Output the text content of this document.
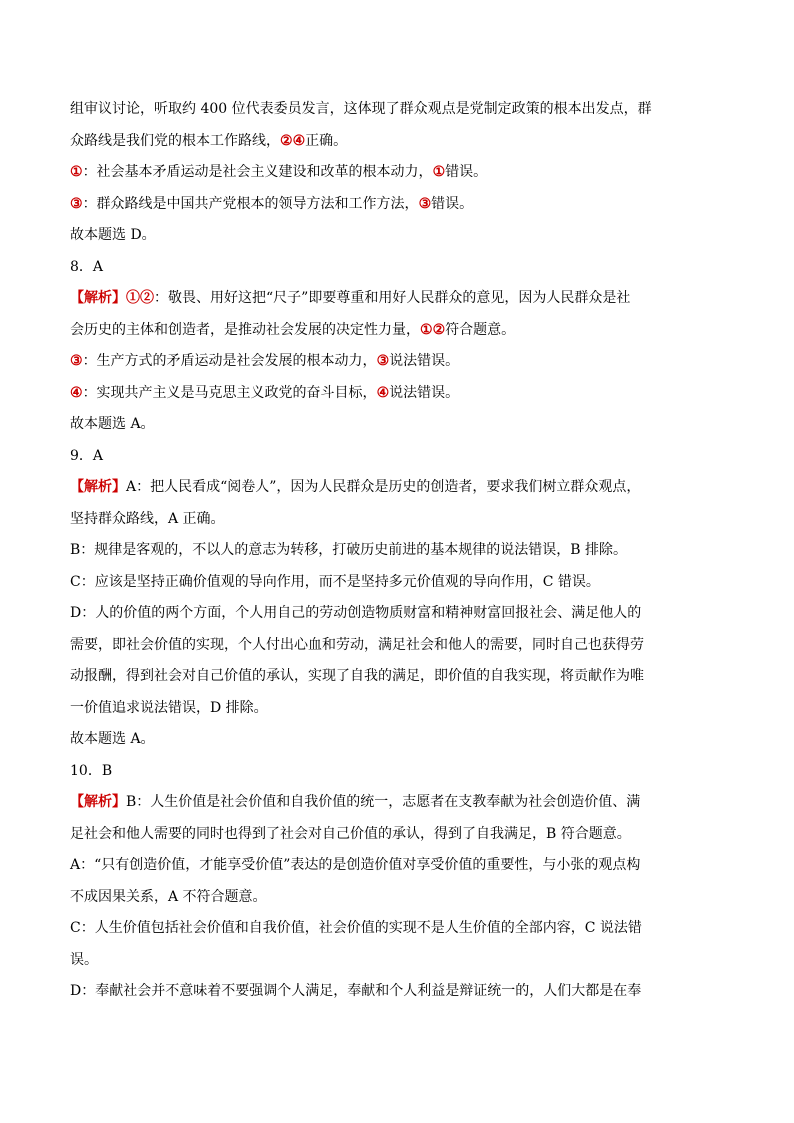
组审议讨论，听取约 400 位代表委员发言，这体现了群众观点是党制定政策的根本出发点，群

众路线是我们党的根本工作路线，②④正确。

①：社会基本矛盾运动是社会主义建设和改革的根本动力，①错误。

③：群众路线是中国共产党根本的领导方法和工作方法，③错误。

故本题选 D。

8．A

【解析】①②：敬畏、用好这把“尺子”即要尊重和用好人民群众的意见，因为人民群众是社

会历史的主体和创造者，是推动社会发展的决定性力量，①②符合题意。

③：生产方式的矛盾运动是社会发展的根本动力，③说法错误。

④：实现共产主义是马克思主义政党的奋斗目标，④说法错误。

故本题选 A。

9．A

【解析】A：把人民看成“阅卷人”，因为人民群众是历史的创造者，要求我们树立群众观点，

坚持群众路线，A 正确。

B：规律是客观的，不以人的意志为转移，打破历史前进的基本规律的说法错误，B 排除。

C：应该是坚持正确价值观的导向作用，而不是坚持多元价值观的导向作用，C 错误。

D：人的价值的两个方面，个人用自己的劳动创造物质财富和精神财富回报社会、满足他人的

需要，即社会价值的实现，个人付出心血和劳动，满足社会和他人的需要，同时自己也获得劳

动报酬，得到社会对自己价值的承认，实现了自我的满足，即价值的自我实现，将贡献作为唯

一价值追求说法错误，D 排除。

故本题选 A。

10．B

【解析】B：人生价值是社会价值和自我价值的统一，志愿者在支教奉献为社会创造价值、满

足社会和他人需要的同时也得到了社会对自己价值的承认，得到了自我满足，B 符合题意。

A：“只有创造价值，才能享受价值”表达的是创造价值对享受价值的重要性，与小张的观点构

不成因果关系，A 不符合题意。

C：人生价值包括社会价值和自我价值，社会价值的实现不是人生价值的全部内容，C 说法错

误。

D：奉献社会并不意味着不要强调个人满足，奉献和个人利益是辩证统一的，人们大都是在奉
